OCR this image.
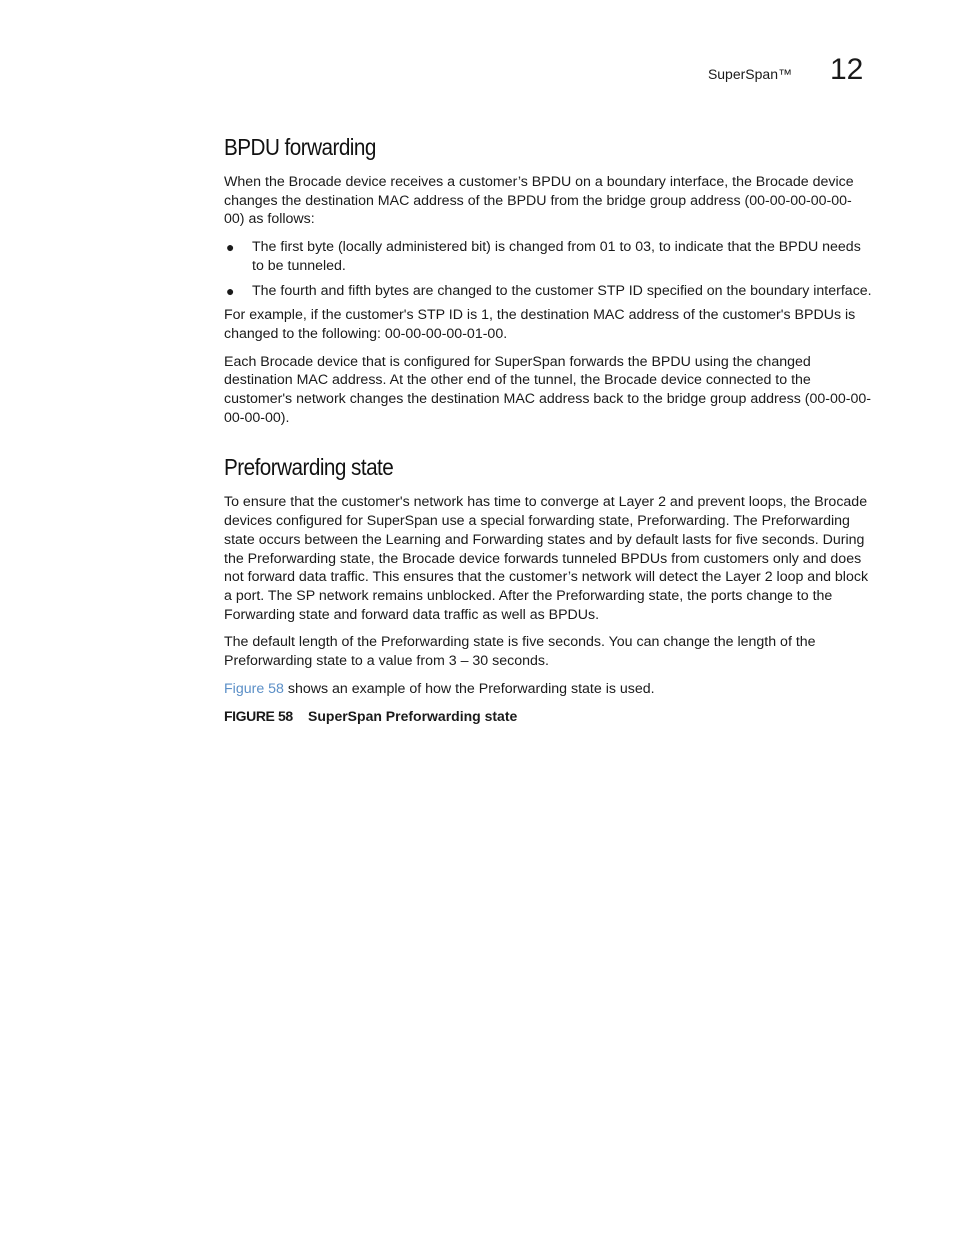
SuperSpan™ 12
BPDU forwarding

When the Brocade device receives a customer’s BPDU on a boundary interface, the Brocade device changes the destination MAC address of the BPDU from the bridge group address (00-00-00-00-00-00) as follows:

● The first byte (locally administered bit) is changed from 01 to 03, to indicate that the BPDU needs to be tunneled.
● The fourth and fifth bytes are changed to the customer STP ID specified on the boundary interface.

For example, if the customer's STP ID is 1, the destination MAC address of the customer's BPDUs is changed to the following: 00-00-00-00-01-00.

Each Brocade device that is configured for SuperSpan forwards the BPDU using the changed destination MAC address. At the other end of the tunnel, the Brocade device connected to the customer's network changes the destination MAC address back to the bridge group address (00-00-00-00-00-00).

Preforwarding state

To ensure that the customer's network has time to converge at Layer 2 and prevent loops, the Brocade devices configured for SuperSpan use a special forwarding state, Preforwarding. The Preforwarding state occurs between the Learning and Forwarding states and by default lasts for five seconds. During the Preforwarding state, the Brocade device forwards tunneled BPDUs from customers only and does not forward data traffic. This ensures that the customer’s network will detect the Layer 2 loop and block a port. The SP network remains unblocked. After the Preforwarding state, the ports change to the Forwarding state and forward data traffic as well as BPDUs.

The default length of the Preforwarding state is five seconds. You can change the length of the Preforwarding state to a value from 3 – 30 seconds.

Figure 58 shows an example of how the Preforwarding state is used.

FIGURE 58 SuperSpan Preforwarding state
